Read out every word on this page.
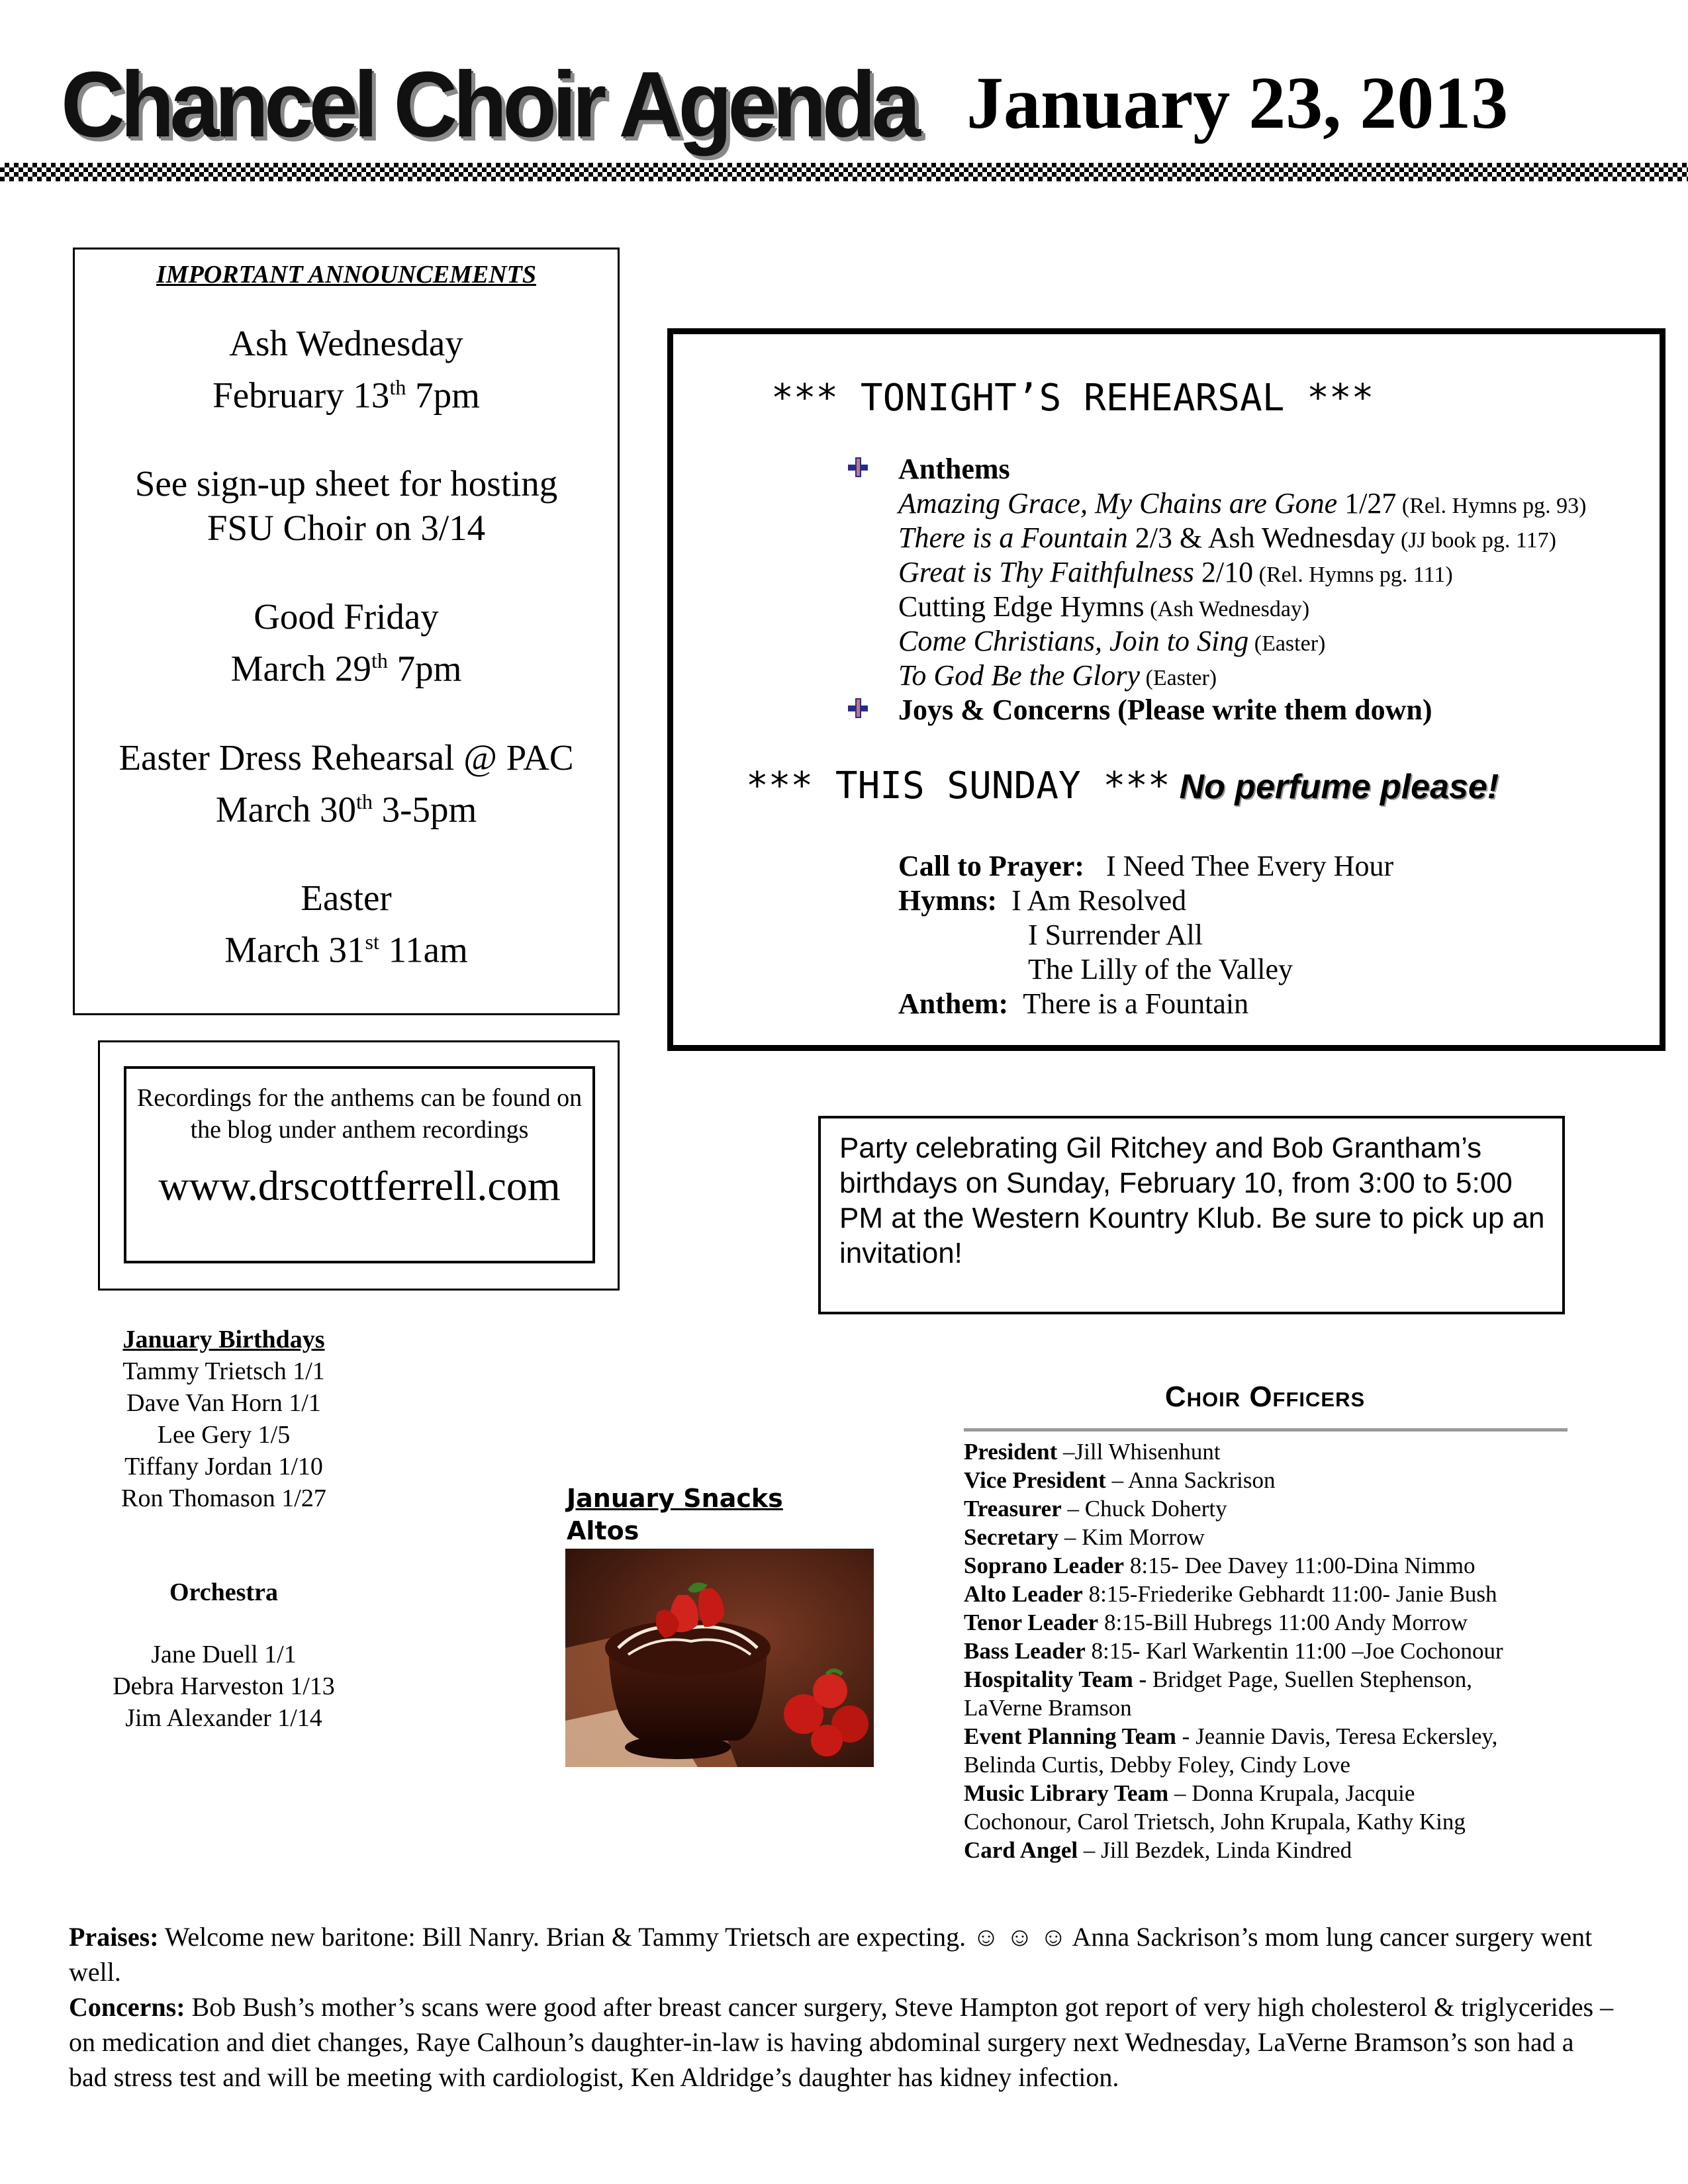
Chancel Choir Agenda January 23, 2013
IMPORTANT ANNOUNCEMENTS
Ash Wednesday
February 13th 7pm
See sign-up sheet for hosting
FSU Choir on 3/14
Good Friday
March 29th 7pm
Easter Dress Rehearsal @ PAC
March 30th 3-5pm
Easter
March 31st 11am
*** TONIGHT’S REHEARSAL ***
Anthems
Amazing Grace, My Chains are Gone 1/27 (Rel. Hymns pg. 93)
There is a Fountain 2/3 & Ash Wednesday (JJ book pg. 117)
Great is Thy Faithfulness 2/10 (Rel. Hymns pg. 111)
Cutting Edge Hymns (Ash Wednesday)
Come Christians, Join to Sing (Easter)
To God Be the Glory (Easter)
Joys & Concerns (Please write them down)
*** THIS SUNDAY *** No perfume please!
Call to Prayer: I Need Thee Every Hour
Hymns: I Am Resolved
I Surrender All
The Lilly of the Valley
Anthem: There is a Fountain
Recordings for the anthems can be found on the blog under anthem recordings
www.drscottferrell.com
Party celebrating Gil Ritchey and Bob Grantham’s birthdays on Sunday, February 10, from 3:00 to 5:00 PM at the Western Kountry Klub. Be sure to pick up an invitation!
January Birthdays
Tammy Trietsch 1/1
Dave Van Horn 1/1
Lee Gery 1/5
Tiffany Jordan 1/10
Ron Thomason 1/27
Orchestra
Jane Duell 1/1
Debra Harveston 1/13
Jim Alexander 1/14
January Snacks
Altos
Choir Officers
President –Jill Whisenhunt
Vice President – Anna Sackrison
Treasurer – Chuck Doherty
Secretary – Kim Morrow
Soprano Leader 8:15- Dee Davey 11:00-Dina Nimmo
Alto Leader 8:15-Friederike Gebhardt 11:00- Janie Bush
Tenor Leader 8:15-Bill Hubregs 11:00 Andy Morrow
Bass Leader 8:15- Karl Warkentin 11:00 –Joe Cochonour
Hospitality Team - Bridget Page, Suellen Stephenson, LaVerne Bramson
Event Planning Team - Jeannie Davis, Teresa Eckersley, Belinda Curtis, Debby Foley, Cindy Love
Music Library Team – Donna Krupala, Jacquie Cochonour, Carol Trietsch, John Krupala, Kathy King
Card Angel – Jill Bezdek, Linda Kindred
Praises: Welcome new baritone: Bill Nanry. Brian & Tammy Trietsch are expecting. ☺ ☺ ☺ Anna Sackrison’s mom lung cancer surgery went well.
Concerns: Bob Bush’s mother’s scans were good after breast cancer surgery, Steve Hampton got report of very high cholesterol & triglycerides – on medication and diet changes, Raye Calhoun’s daughter-in-law is having abdominal surgery next Wednesday, LaVerne Bramson’s son had a bad stress test and will be meeting with cardiologist, Ken Aldridge’s daughter has kidney infection.
